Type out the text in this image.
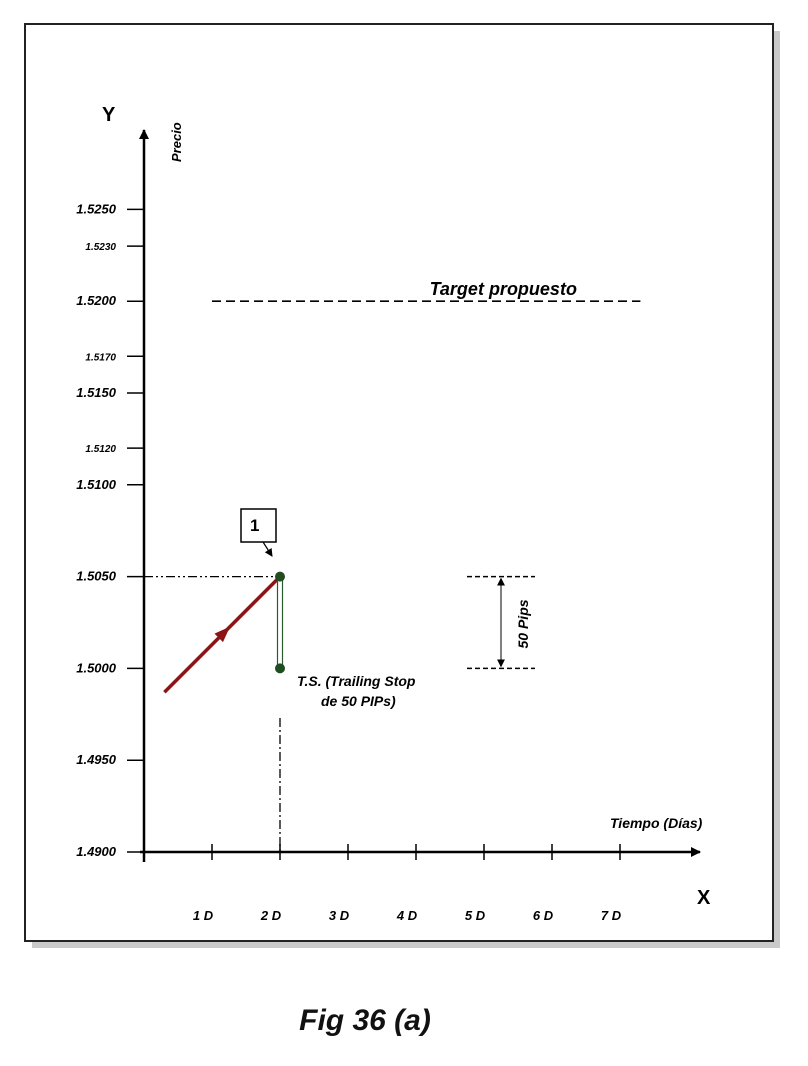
Y
X
Precio
Tiempo (Días)
1.4900
1.4950
1.5000
1.5050
1.5100
1.5120
1.5150
1.5170
1.5200
1.5230
1.5250
1 D	2 D	3 D	4 D	5 D	6 D	7 D
Target propuesto
1
T.S. (Trailing Stop
de 50 PIPs)
50 Pips
Fig 36 (a)
